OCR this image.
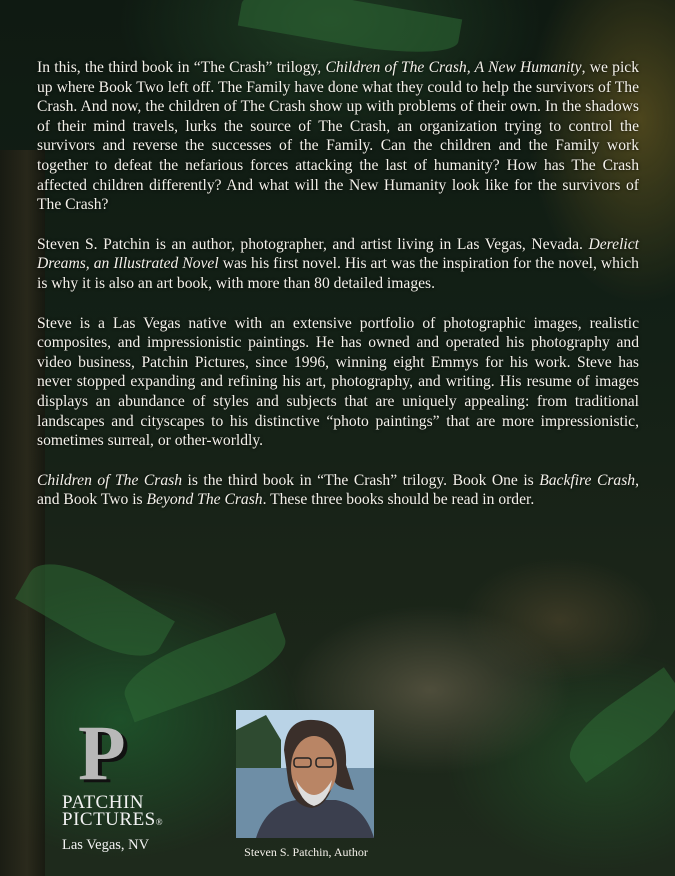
In this, the third book in “The Crash” trilogy, Children of The Crash, A New Humanity, we pick up where Book Two left off. The Family have done what they could to help the survivors of The Crash. And now, the children of The Crash show up with problems of their own. In the shadows of their mind travels, lurks the source of The Crash, an organization trying to control the survivors and reverse the successes of the Family. Can the children and the Family work together to defeat the nefarious forces attacking the last of humanity? How has The Crash affected children differently? And what will the New Humanity look like for the survivors of The Crash?

Steven S. Patchin is an author, photographer, and artist living in Las Vegas, Nevada. Derelict Dreams, an Illustrated Novel was his first novel. His art was the inspiration for the novel, which is why it is also an art book, with more than 80 detailed images.

Steve is a Las Vegas native with an extensive portfolio of photographic images, realistic composites, and impressionistic paintings. He has owned and operated his photography and video business, Patchin Pictures, since 1996, winning eight Emmys for his work. Steve has never stopped expanding and refining his art, photography, and writing. His resume of images displays an abundance of styles and subjects that are uniquely appealing: from traditional landscapes and cityscapes to his distinctive “photo paintings” that are more impressionistic, sometimes surreal, or other-worldly.

Children of The Crash is the third book in “The Crash” trilogy. Book One is Backfire Crash, and Book Two is Beyond The Crash. These three books should be read in order.

P
PATCHIN
PICTURES®
Las Vegas, NV	Steven S. Patchin, Author
